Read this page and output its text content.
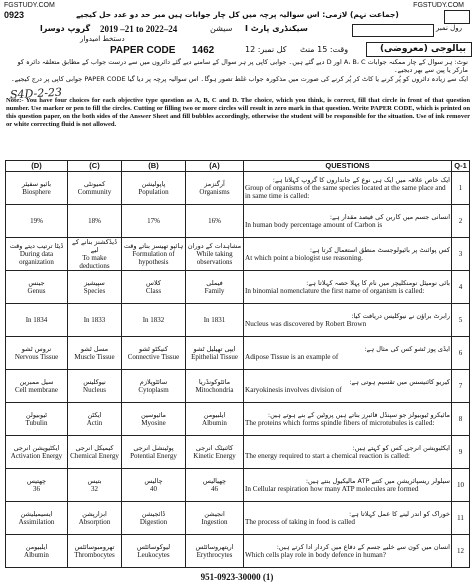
FGSTUDY.COM	FGSTUDY.COM
0923	(جماعت نہم) لازمی: اس سوالیہ پرچہ میں کل چار جوابات ہیں مبر حد دو عدد حل کیجیے
2019 –21 to 2022–24	سیشن سیکنڈری پارٹ I
گروپ دوسرا
دستخط امیدوار
رول نمبر
PAPER CODE 1462	کل نمبر: 12 وقت: 15 منٹ	بیالوجی (معروضی)
نوٹ: ہر سوال کے چار ممکنہ جوابات A، B، C اور D دیے گئے ہیں۔ جوابی کاپی پر ہر سوال کے سامنے دیے گئے دائروں میں سے درست جواب کے مطابق متعلقہ دائرہ کو مارکر یا پین سے بھر دیجیے۔
ایک سے زیادہ دائروں کو پُر کرنے یا کاٹ کر پُر کرنے کی صورت میں مذکورہ جواب غلط تصور ہوگا۔ اس سوالیہ پرچہ پر دیا گیا PAPER CODE جوابی کاپی پر درج کیجیے۔
S4D-2-23
Note:- You have four choices for each objective type question as A, B, C and D. The choice, which you think, is correct, fill that circle in front of that question number. Use marker or pen to fill the circles. Cutting or filling two or more circles will result in zero mark in that question. Write PAPER CODE, which is printed on this question paper, on the both sides of the Answer Sheet and fill bubbles accordingly, otherwise the student will be responsible for the situation. Use of ink remover or white correcting fluid is not allowed.
(D)	(C)	(B)	(A)	QUESTIONS	Q-1

بائیو سفیئر
Biosphere	کمیونٹی
Community	پاپولیشن
Population	آرگنزمز
Organisms	ایک خاص علاقہ میں ایک ہی نوع کے جانداروں کا گروپ کہلاتا ہے:
Group of organisms of the same species located at the same place and in same time is called:	1

19%	18%	17%	16%	انسانی جسم میں کاربن کی فیصد مقدار ہے:
In human body percentage amount of Carbon is	2

ڈیٹا ترتیب دیتے وقت
During data organization	ڈیڈکشنز بنانے کے لیے
To make deductions	ہائپو تھیسز بناتے وقت
Formulation of hypothesis	مشاہدات کے دوران
While taking observations	کس پوائنٹ پر بائیولوجسٹ منطق استعمال کرتا ہے:
At which point a biologist use reasoning.	3

جینس
Genus	سپیشیز
Species	کلاس
Class	فیملی
Family	بائی نومیئل نومنکلیچر میں نام کا پہلا حصہ کہلاتا ہے:
In binomial nomenclature the first name of organism is called:	4

In 1834	In 1833	In 1832	In 1831	رابرٹ براؤن نے نیوکلیس دریافت کیا:
Nucleus was discovered by Robert Brown	5

نروس ٹشو
Nervous Tissue	مسل ٹشو
Muscle Tissue	کنیکٹو ٹشو
Connective Tissue	ایپی تھیلیل ٹشو
Epithelial Tissue	ایڈی پوز ٹشو کس کی مثال ہے:
Adipose Tissue is an example of	6

سیل ممبرین
Cell membrane	نیوکلیس
Nucleus	سائٹوپلازم
Cytoplasm	مائٹوکونڈریا
Mitochondria	کیریو کائنیسس میں تقسیم ہوتی ہے:
Karyokinesis involves division of	7

ٹیوبیولن
Tubulin	ایکٹن
Actin	مائیوسین
Myosine	ایلبیومن
Albumin	مائیکرو ٹیوبیولز جو سپنڈل فائبرز بناتے ہیں پروٹین کے بنے ہوتے ہیں:
The proteins which forms spindle fibers of microtubules is called:	8

ایکٹیویشن انرجی
Activation Energy	کیمیکل انرجی
Chemical Energy	پوٹینشل انرجی
Potential Energy	کائنیٹک انرجی
Kinetic Energy	ایکٹیویشن انرجی کس کو کہتے ہیں:
The energy required to start a chemical reaction is called:	9

چھتیس
36	بتیس
32	چالیس
40	چھیالیس
46	سیلولر ریسپائریشن میں کتنے ATP مالیکیول بنتے ہیں:
In Cellular respiration how many ATP molecules are formed	10

ایسیمیلیشن
Assimilation	ابزارپشن
Absorption	ڈائجیشن
Digestion	انجیشن
Ingestion	خوراک کو اندر لینے کا عمل کہلاتا ہے:
The process of taking in food is called	11

ایلبیومن
Albumin	تھرومبوسائٹس
Thrombocytes	لیوکوسائٹس
Leukocytes	اریتھروسائٹس
Erythrocytes	انسان میں کون سے خلیے جسم کے دفاع میں کردار ادا کرتے ہیں:
Which cells play role in body defence in human?	12
951-0923-30000 (1)
